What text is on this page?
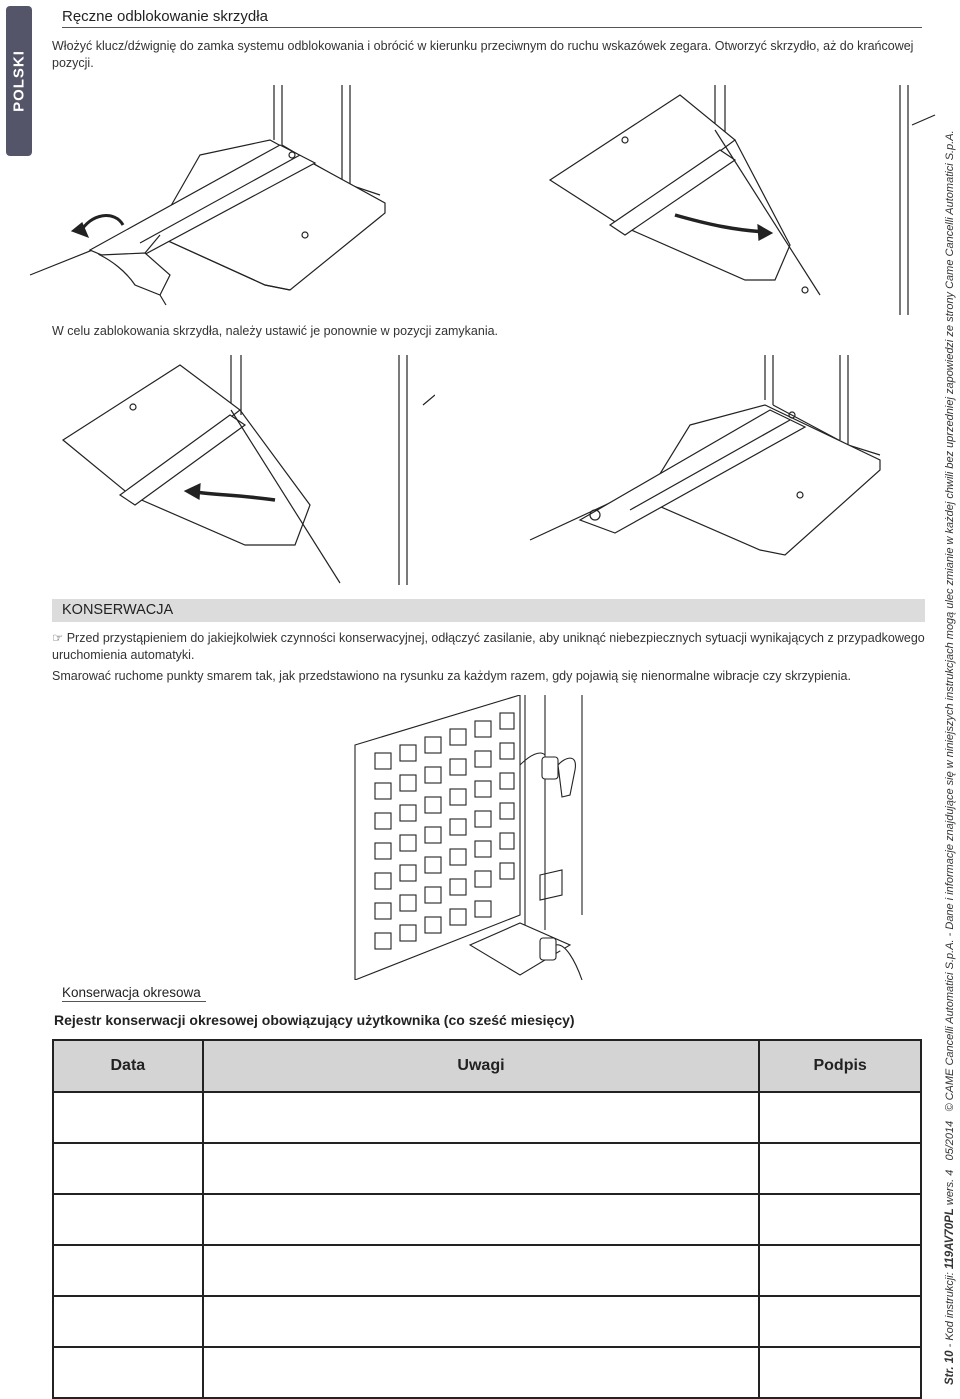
POLSKI
Ręczne odblokowanie skrzydła
Włożyć klucz/dźwignię do zamka systemu odblokowania i obrócić w kierunku przeciwnym do ruchu wskazówek zegara. Otworzyć skrzydło, aż do krańcowej pozycji.
W celu zablokowania skrzydła, należy ustawić je ponownie w pozycji zamykania.
KONSERWACJA
☞ Przed przystąpieniem do jakiejkolwiek czynności konserwacyjnej, odłączyć zasilanie, aby uniknąć niebezpiecznych sytuacji wynikających z przypadkowego uruchomienia automatyki.
Smarować ruchome punkty smarem tak, jak przedstawiono na rysunku za każdym razem, gdy pojawią się nienormalne wibracje czy skrzypienia.
Konserwacja okresowa
Rejestr konserwacji okresowej obowiązujący użytkownika (co sześć miesięcy)
Data	Uwagi	Podpis

Str. 10 - Kod instrukcji: 119AV70PL wers. 4   05/2014   © CAME Cancelli Automatici S.p.A. - Dane i informacje znajdujące się w niniejszych instrukcjach mogą ulec zmianie w każdej chwili bez uprzedniej zapowiedzi ze strony Came Cancelli Automatici S.p.A.
